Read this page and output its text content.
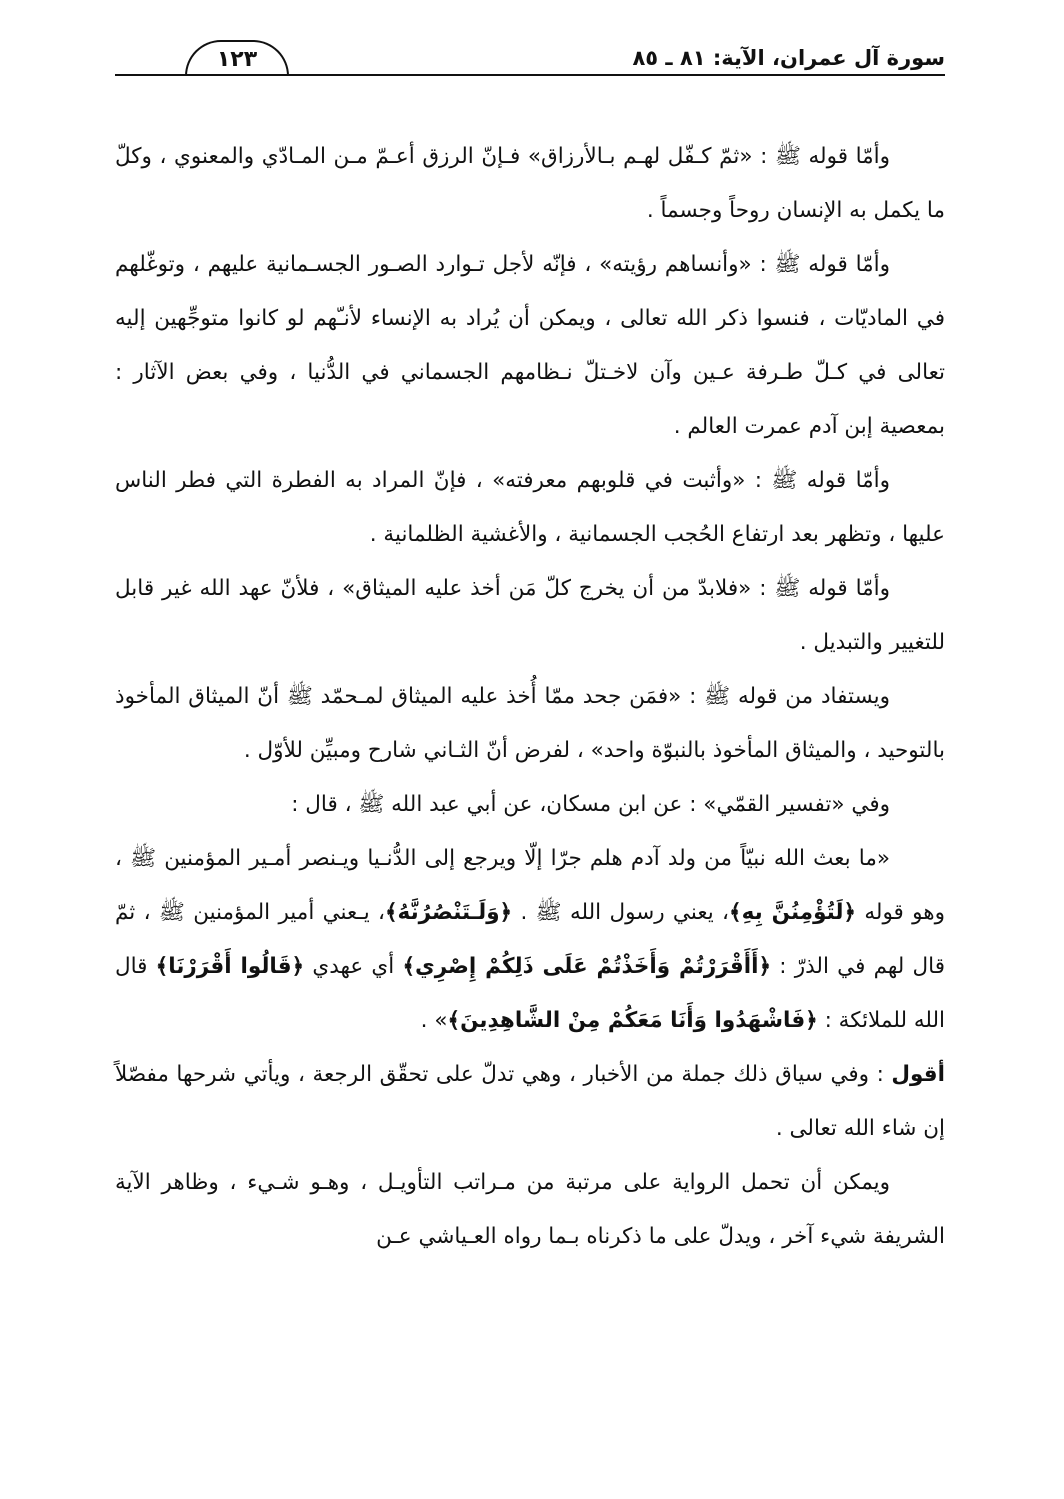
١٢٣	سورة آل عمران، الآية: ٨١ ـ ٨٥

وأمّا قوله ﷺ : «ثمّ كـفّل لهـم بـالأرزاق» فـإنّ الرزق أعـمّ مـن المـادّي والمعنوي ، وكلّ ما يكمل به الإنسان روحاً وجسماً .

وأمّا قوله ﷺ : «وأنساهم رؤيته» ، فإنّه لأجل تـوارد الصـور الجسـمانية عليهم ، وتوغّلهم في الماديّات ، فنسوا ذكر الله تعالى ، ويمكن أن يُراد به الإنساء لأنـّهم لو كانوا متوجِّهين إليه تعالى في كـلّ طـرفة عـين وآن لاخـتلّ نـظامهم الجسماني في الدُّنيا ، وفي بعض الآثار : بمعصية إبن آدم عمرت العالم .

وأمّا قوله ﷺ : «وأثبت في قلوبهم معرفته» ، فإنّ المراد به الفطرة التي فطر الناس عليها ، وتظهر بعد ارتفاع الحُجب الجسمانية ، والأغشية الظلمانية .

وأمّا قوله ﷺ : «فلابدّ من أن يخرج كلّ مَن أخذ عليه الميثاق» ، فلأنّ عهد الله غير قابل للتغيير والتبديل .

ويستفاد من قوله ﷺ : «فمَن جحد ممّا أُخذ عليه الميثاق لمـحمّد ﷺ أنّ الميثاق المأخوذ بالتوحيد ، والميثاق المأخوذ بالنبوّة واحد» ، لفرض أنّ الثـاني شارح ومبيِّن للأوّل .

وفي «تفسير القمّي» : عن ابن مسكان، عن أبي عبد الله ﷺ ، قال :

«ما بعث الله نبيّاً من ولد آدم هلم جرّا إلّا ويرجع إلى الدُّنـيا ويـنصر أمـير المؤمنين ﷺ ، وهو قوله ﴿لَتُؤْمِنُنَّ بِهِ﴾، يعني رسول الله ﷺ . ﴿وَلَـتَنْصُرُنَّهُ﴾، يـعني أمير المؤمنين ﷺ ، ثمّ قال لهم في الذرّ : ﴿أَأَقْرَرْتُمْ وَأَخَذْتُمْ عَلَى ذَلِكُمْ إِصْرِي﴾ أي عهدي ﴿قَالُوا أَقْرَرْنَا﴾ قال الله للملائكة : ﴿فَاشْهَدُوا وَأَنَا مَعَكُمْ مِنْ الشَّاهِدِينَ﴾» .

أقول : وفي سياق ذلك جملة من الأخبار ، وهي تدلّ على تحقّق الرجعة ، ويأتي شرحها مفصّلاً إن شاء الله تعالى .

ويمكن أن تحمل الرواية على مرتبة من مـراتب التأويـل ، وهـو شـيء ، وظاهر الآية الشريفة شيء آخر ، ويدلّ على ما ذكرناه بـما رواه العـياشي عـن
